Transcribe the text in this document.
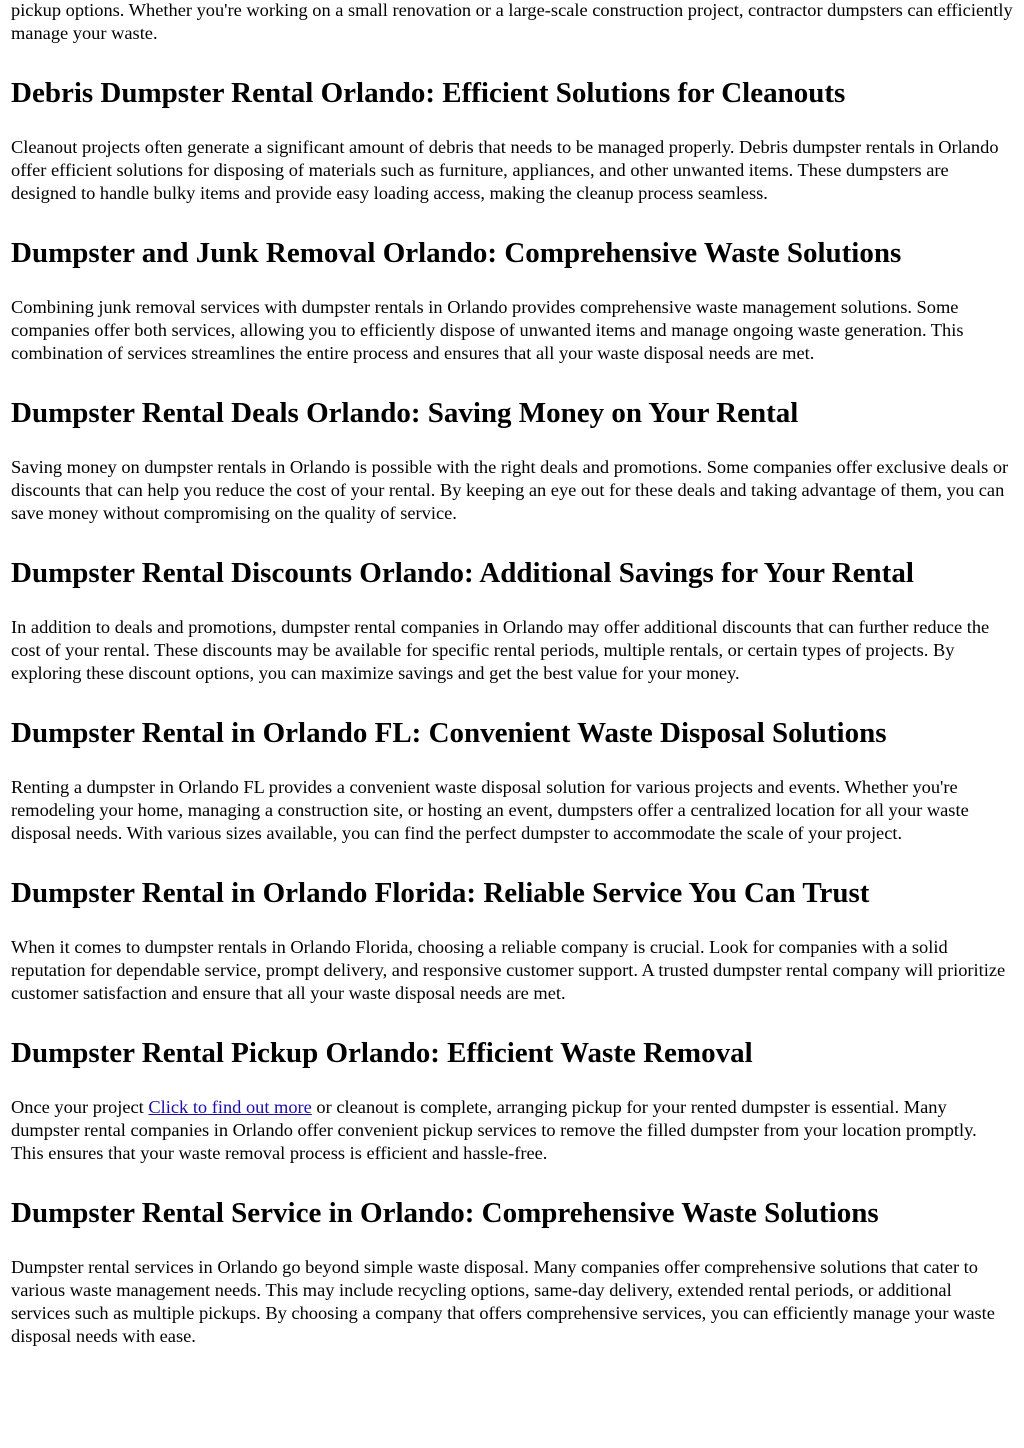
pickup options. Whether you're working on a small renovation or a large-scale construction project, contractor dumpsters can efficiently manage your waste.

Debris Dumpster Rental Orlando: Efficient Solutions for Cleanouts

Cleanout projects often generate a significant amount of debris that needs to be managed properly. Debris dumpster rentals in Orlando offer efficient solutions for disposing of materials such as furniture, appliances, and other unwanted items. These dumpsters are designed to handle bulky items and provide easy loading access, making the cleanup process seamless.

Dumpster and Junk Removal Orlando: Comprehensive Waste Solutions

Combining junk removal services with dumpster rentals in Orlando provides comprehensive waste management solutions. Some companies offer both services, allowing you to efficiently dispose of unwanted items and manage ongoing waste generation. This combination of services streamlines the entire process and ensures that all your waste disposal needs are met.

Dumpster Rental Deals Orlando: Saving Money on Your Rental

Saving money on dumpster rentals in Orlando is possible with the right deals and promotions. Some companies offer exclusive deals or discounts that can help you reduce the cost of your rental. By keeping an eye out for these deals and taking advantage of them, you can save money without compromising on the quality of service.

Dumpster Rental Discounts Orlando: Additional Savings for Your Rental

In addition to deals and promotions, dumpster rental companies in Orlando may offer additional discounts that can further reduce the cost of your rental. These discounts may be available for specific rental periods, multiple rentals, or certain types of projects. By exploring these discount options, you can maximize savings and get the best value for your money.

Dumpster Rental in Orlando FL: Convenient Waste Disposal Solutions

Renting a dumpster in Orlando FL provides a convenient waste disposal solution for various projects and events. Whether you're remodeling your home, managing a construction site, or hosting an event, dumpsters offer a centralized location for all your waste disposal needs. With various sizes available, you can find the perfect dumpster to accommodate the scale of your project.

Dumpster Rental in Orlando Florida: Reliable Service You Can Trust

When it comes to dumpster rentals in Orlando Florida, choosing a reliable company is crucial. Look for companies with a solid reputation for dependable service, prompt delivery, and responsive customer support. A trusted dumpster rental company will prioritize customer satisfaction and ensure that all your waste disposal needs are met.

Dumpster Rental Pickup Orlando: Efficient Waste Removal

Once your project Click to find out more or cleanout is complete, arranging pickup for your rented dumpster is essential. Many dumpster rental companies in Orlando offer convenient pickup services to remove the filled dumpster from your location promptly. This ensures that your waste removal process is efficient and hassle-free.

Dumpster Rental Service in Orlando: Comprehensive Waste Solutions

Dumpster rental services in Orlando go beyond simple waste disposal. Many companies offer comprehensive solutions that cater to various waste management needs. This may include recycling options, same-day delivery, extended rental periods, or additional services such as multiple pickups. By choosing a company that offers comprehensive services, you can efficiently manage your waste disposal needs with ease.
